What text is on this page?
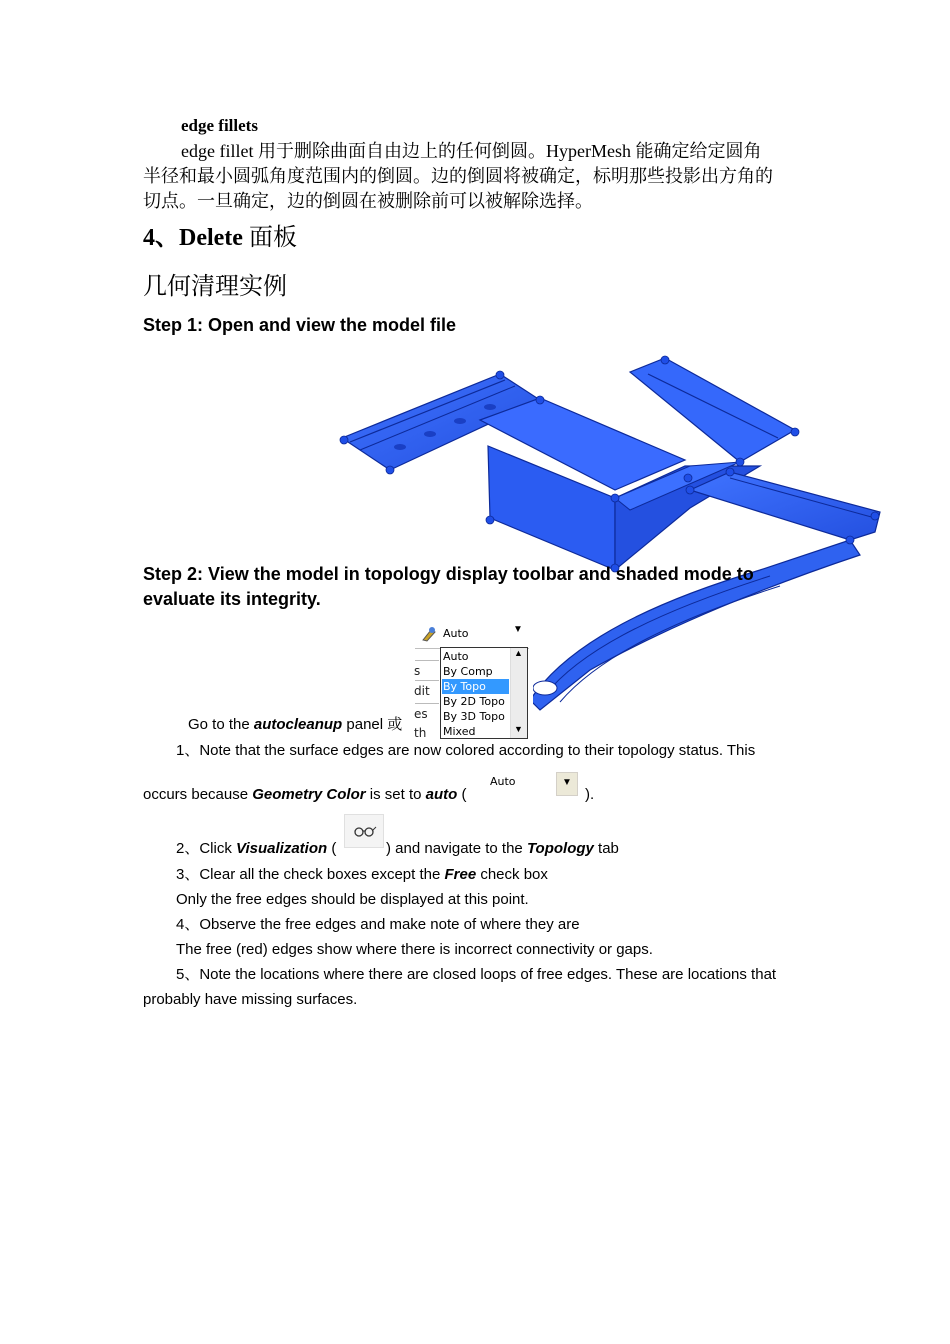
edge fillets
edge fillet 用于删除曲面自由边上的任何倒圆。HyperMesh 能确定给定圆角
半径和最小圆弧角度范围内的倒圆。边的倒圆将被确定，标明那些投影出方角的
切点。一旦确定，边的倒圆在被删除前可以被解除选择。
4、Delete 面板
几何清理实例
Step 1: Open and view the model file
Step 2: View the model in topology display toolbar and shaded mode to
evaluate its integrity.
Auto	▼
Auto
By Comp
By Topo
By 2D Topo
By 3D Topo
Mixed
▲
▼
s
dit
es
th
Go to the autocleanup panel 或
1、Note that the surface edges are now colored according to their topology status. This
occurs because Geometry Color is set to auto (
Auto	▼
).
2、Click Visualization (	) and navigate to the Topology tab
3、Clear all the check boxes except the Free check box
Only the free edges should be displayed at this point.
4、Observe the free edges and make note of where they are
The free (red) edges show where there is incorrect connectivity or gaps.
5、Note the locations where there are closed loops of free edges. These are locations that
probably have missing surfaces.
